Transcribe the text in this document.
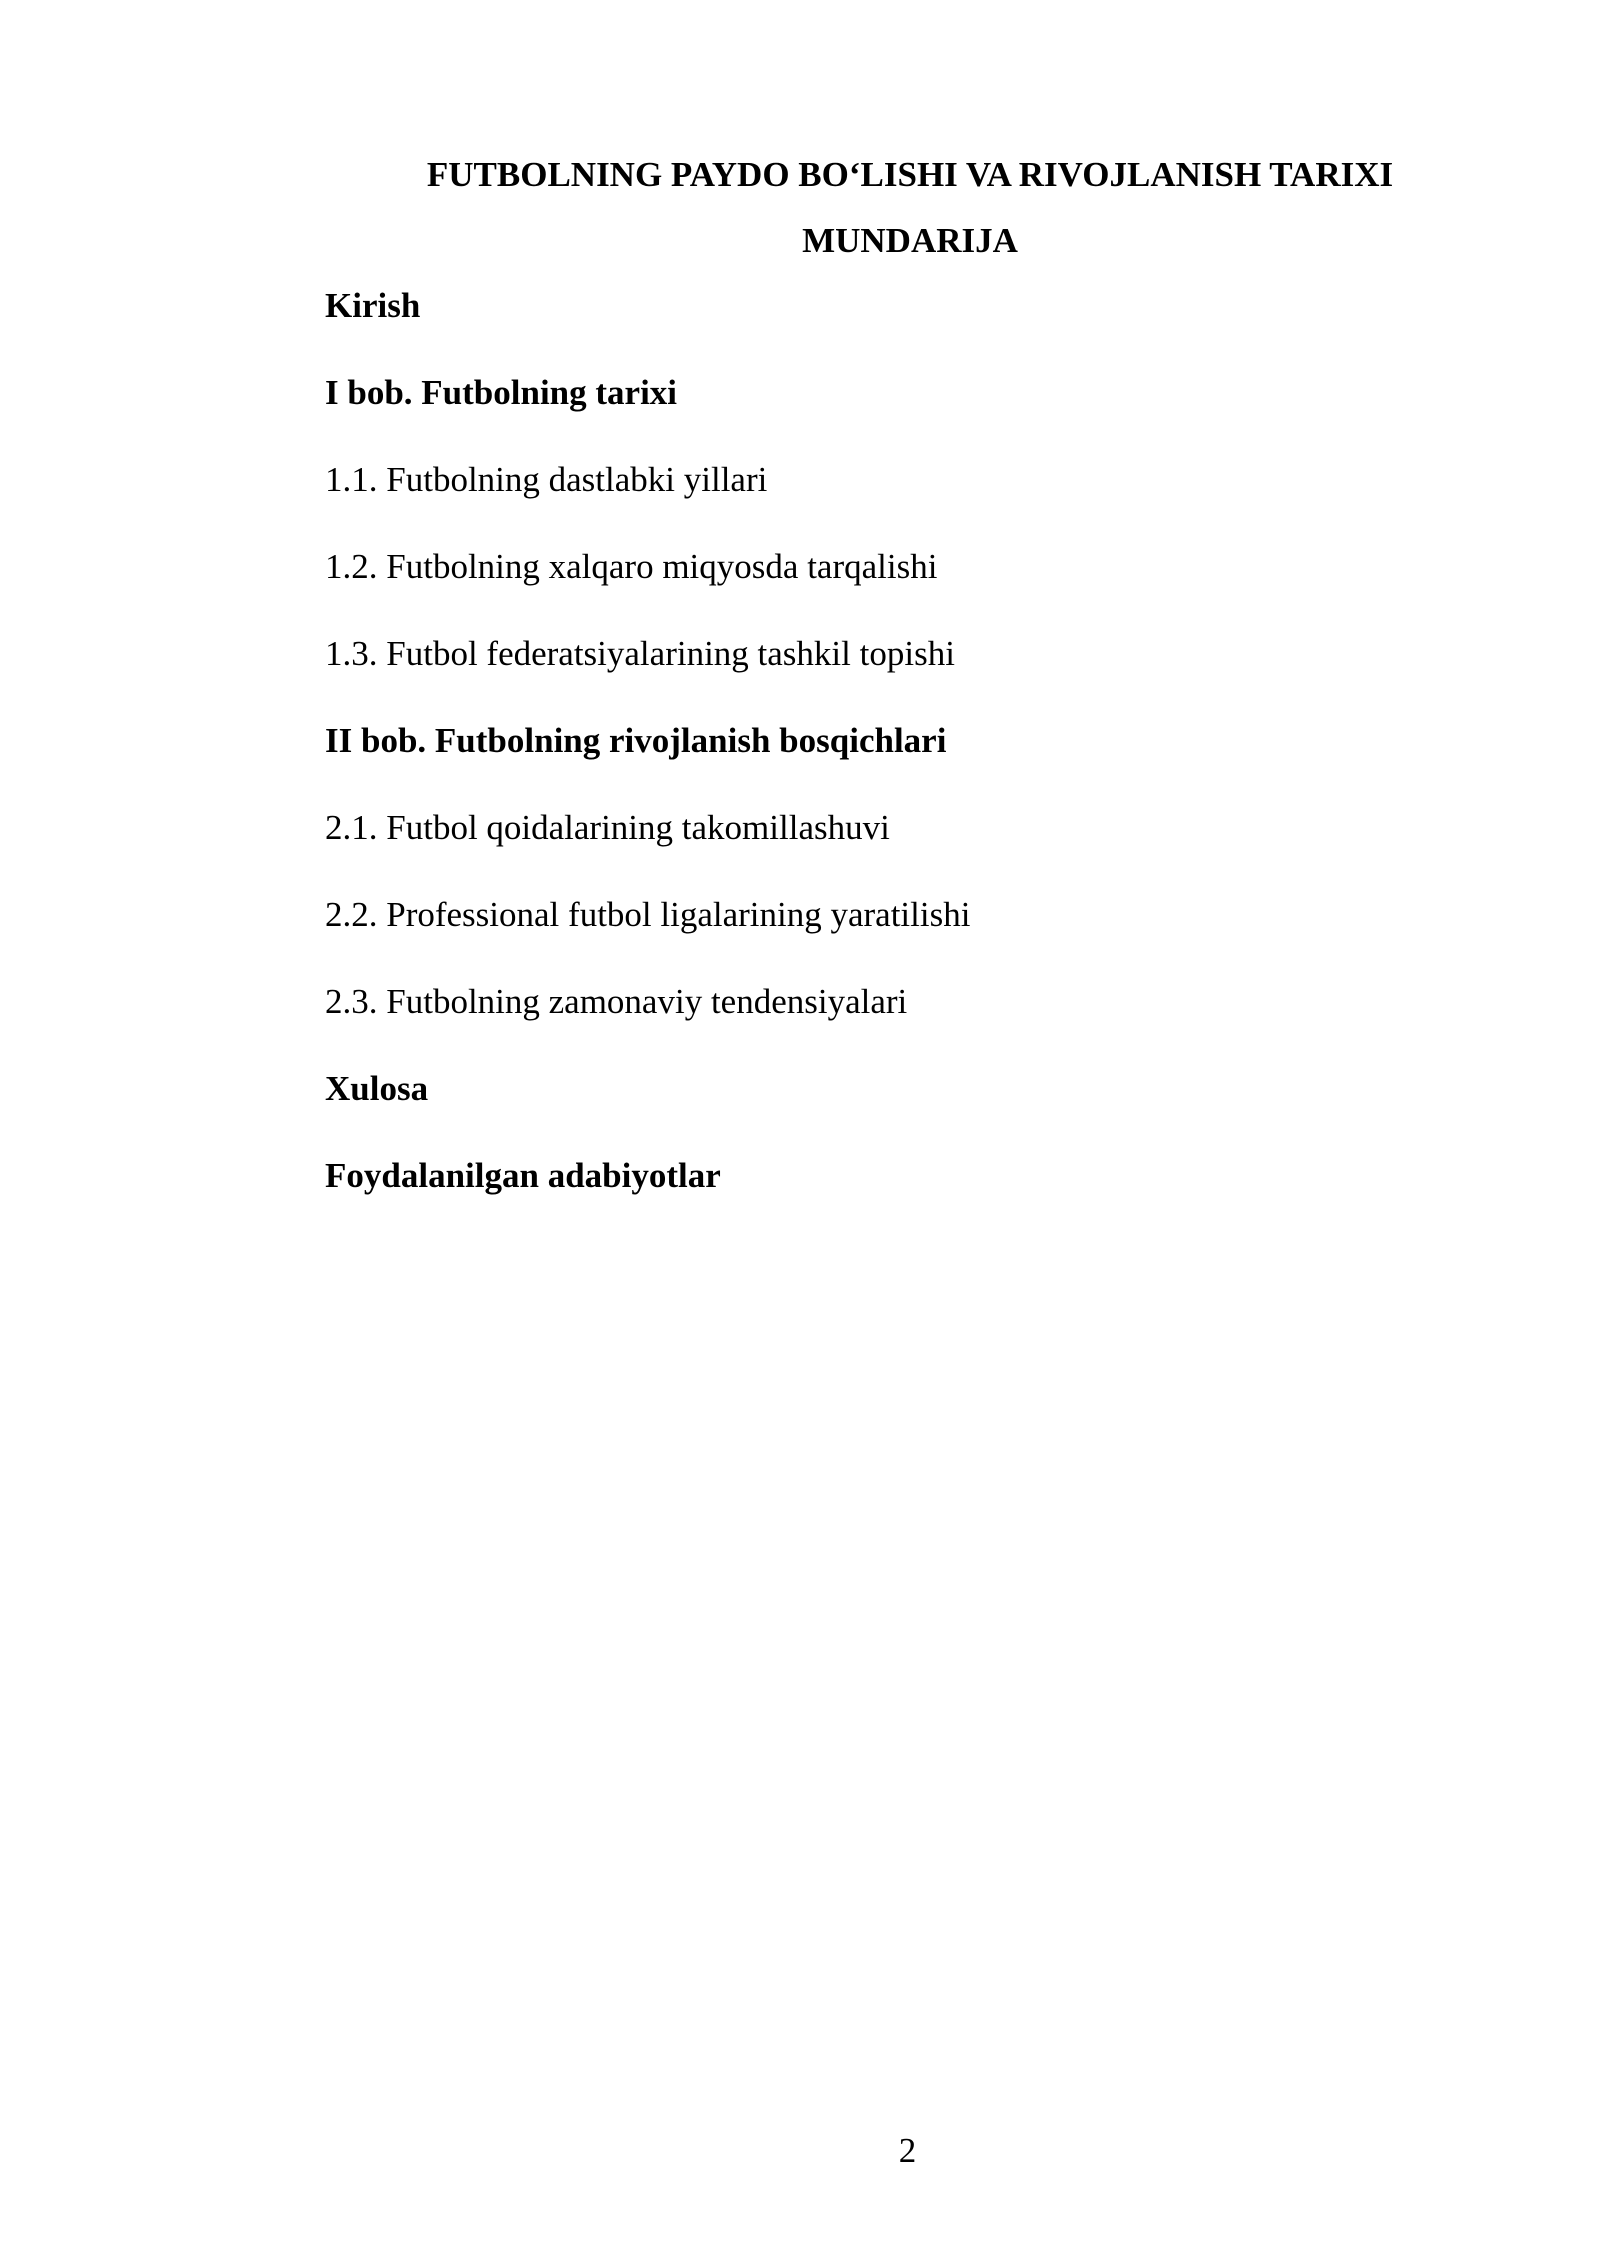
FUTBOLNING PAYDO BO‘LISHI VA RIVOJLANISH TARIXI
MUNDARIJA
Kirish
I bob. Futbolning tarixi
1.1. Futbolning dastlabki yillari
1.2. Futbolning xalqaro miqyosda tarqalishi
1.3. Futbol federatsiyalarining tashkil topishi
II bob. Futbolning rivojlanish bosqichlari
2.1. Futbol qoidalarining takomillashuvi
2.2. Professional futbol ligalarining yaratilishi
2.3. Futbolning zamonaviy tendensiyalari
Xulosa
Foydalanilgan adabiyotlar
2
